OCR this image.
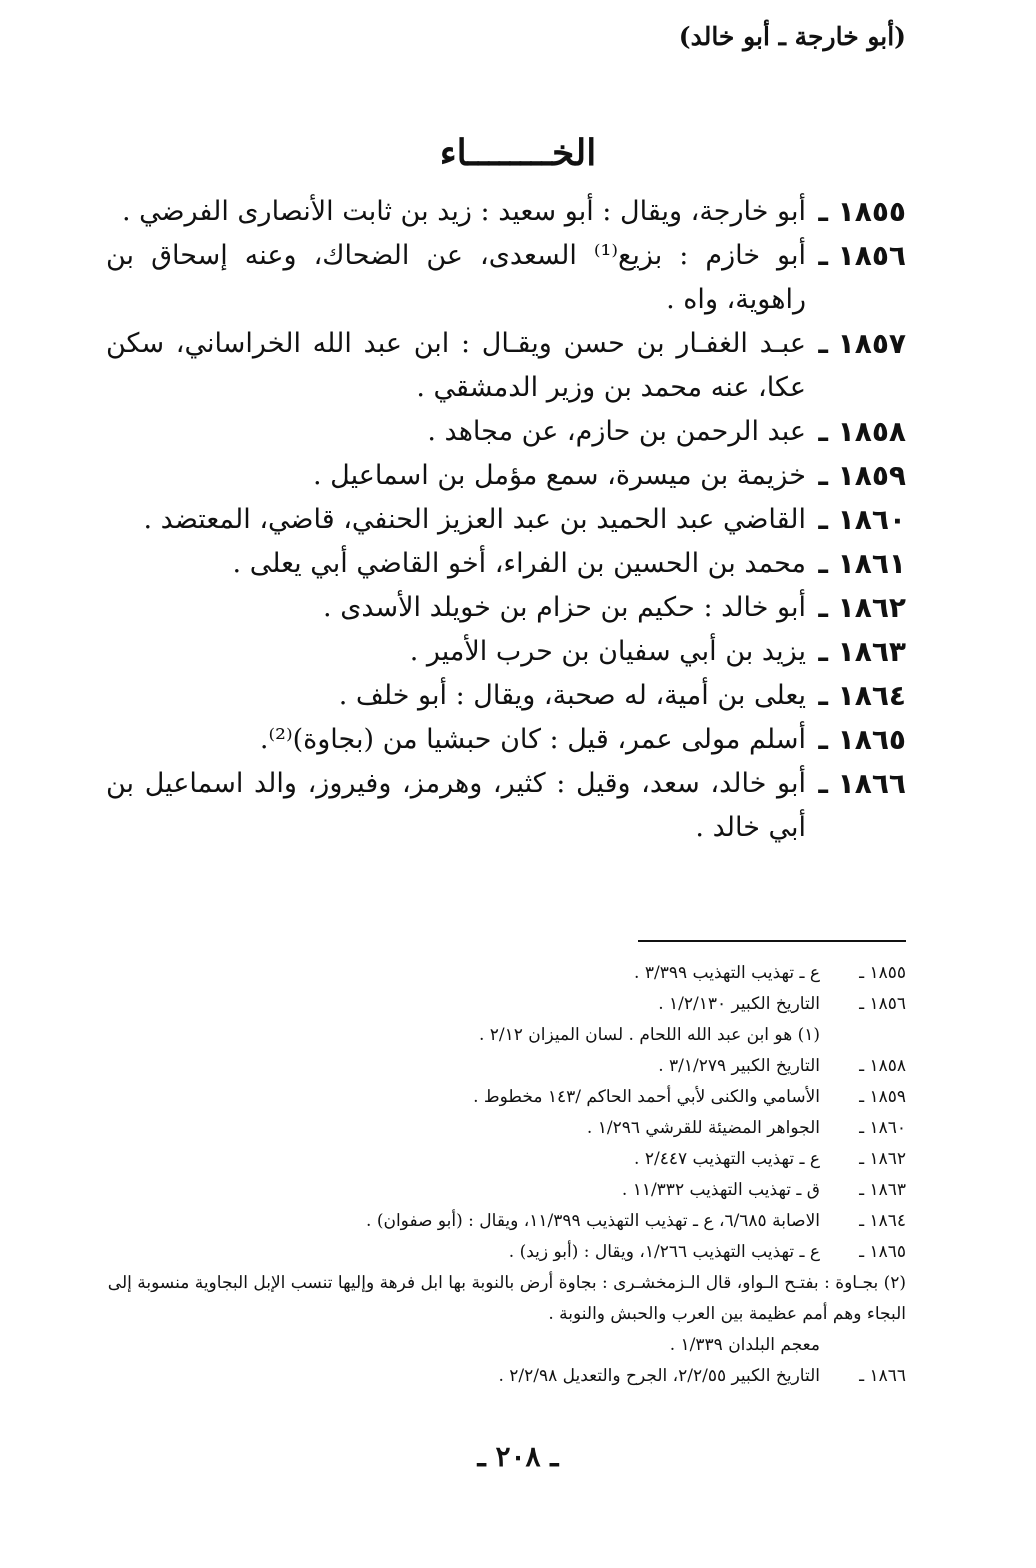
(أبو خارجة ـ أبو خالد)
الخــــــــاء
١٨٥٥ ـ
أبو خارجة، ويقال : أبو سعيد : زيد بن ثابت الأنصارى الفرضي .
١٨٥٦ ـ
أبو خازم : بزيع⁽¹⁾ السعدى، عن الضحاك، وعنه إسحاق بن راهوية، واه .
١٨٥٧ ـ
عبـد الغفـار بن حسن ويقـال : ابن عبد الله الخراساني، سكن عكا، عنه محمد بن وزير الدمشقي .
١٨٥٨ ـ
عبد الرحمن بن حازم، عن مجاهد .
١٨٥٩ ـ
خزيمة بن ميسرة، سمع مؤمل بن اسماعيل .
١٨٦٠ ـ
القاضي عبد الحميد بن عبد العزيز الحنفي، قاضي، المعتضد .
١٨٦١ ـ
محمد بن الحسين بن الفراء، أخو القاضي أبي يعلى .
١٨٦٢ ـ
أبو خالد : حكيم بن حزام بن خويلد الأسدى .
١٨٦٣ ـ
يزيد بن أبي سفيان بن حرب الأمير .
١٨٦٤ ـ
يعلى بن أمية، له صحبة، ويقال : أبو خلف .
١٨٦٥ ـ
أسلم مولى عمر، قيل : كان حبشيا من (بجاوة)⁽²⁾.
١٨٦٦ ـ
أبو خالد، سعد، وقيل : كثير، وهرمز، وفيروز، والد اسماعيل بن أبي خالد .
١٨٥٥ ـ
ع ـ تهذيب التهذيب ٣/٣٩٩ .
١٨٥٦ ـ
التاريخ الكبير ١/٢/١٣٠ .
(١) هو ابن عبد الله اللحام . لسان الميزان ٢/١٢ .
١٨٥٨ ـ
التاريخ الكبير ٣/١/٢٧٩ .
١٨٥٩ ـ
الأسامي والكنى لأبي أحمد الحاكم /١٤٣ مخطوط .
١٨٦٠ ـ
الجواهر المضيئة للقرشي ١/٢٩٦ .
١٨٦٢ ـ
ع ـ تهذيب التهذيب ٢/٤٤٧ .
١٨٦٣ ـ
ق ـ تهذيب التهذيب ١١/٣٣٢ .
١٨٦٤ ـ
الاصابة ٦/٦٨٥، ع ـ تهذيب التهذيب ١١/٣٩٩، ويقال : (أبو صفوان) .
١٨٦٥ ـ
ع ـ تهذيب التهذيب ١/٢٦٦، ويقال : (أبو زيد) .
(٢) بجـاوة : بفتـح الـواو، قال الـزمخشـرى : بجاوة أرض بالنوبة بها ابل فرهة وإليها تنسب الإبل البجاوية منسوبة إلى البجاء وهم أمم عظيمة بين العرب والحبش والنوبة .
معجم البلدان ١/٣٣٩ .
١٨٦٦ ـ
التاريخ الكبير ٢/٢/٥٥، الجرح والتعديل ٢/٢/٩٨ .
ـ ٢٠٨ ـ
